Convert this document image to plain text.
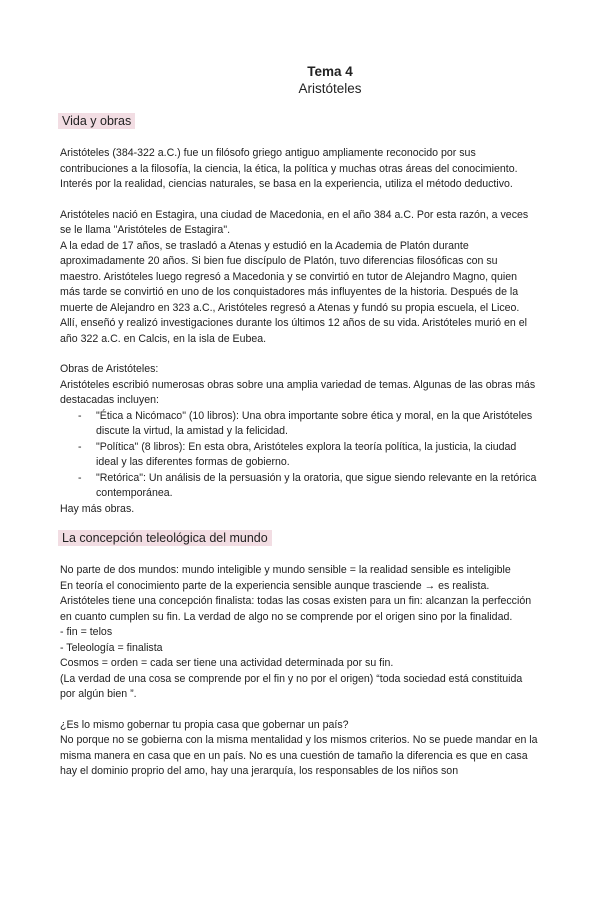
Tema 4
Aristóteles
Vida y obras

Aristóteles (384-322 a.C.) fue un filósofo griego antiguo ampliamente reconocido por sus contribuciones a la filosofía, la ciencia, la ética, la política y muchas otras áreas del conocimiento. Interés por la realidad, ciencias naturales, se basa en la experiencia, utiliza el método deductivo.

Aristóteles nació en Estagira, una ciudad de Macedonia, en el año 384 a.C. Por esta razón, a veces se le llama "Aristóteles de Estagira".

A la edad de 17 años, se trasladó a Atenas y estudió en la Academia de Platón durante aproximadamente 20 años. Si bien fue discípulo de Platón, tuvo diferencias filosóficas con su maestro. Aristóteles luego regresó a Macedonia y se convirtió en tutor de Alejandro Magno, quien más tarde se convirtió en uno de los conquistadores más influyentes de la historia. Después de la muerte de Alejandro en 323 a.C., Aristóteles regresó a Atenas y fundó su propia escuela, el Liceo. Allí, enseñó y realizó investigaciones durante los últimos 12 años de su vida. Aristóteles murió en el año 322 a.C. en Calcis, en la isla de Eubea.

Obras de Aristóteles:

Aristóteles escribió numerosas obras sobre una amplia variedad de temas. Algunas de las obras más destacadas incluyen:

- "Ética a Nicómaco" (10 libros): Una obra importante sobre ética y moral, en la que Aristóteles discute la virtud, la amistad y la felicidad.
- "Política" (8 libros): En esta obra, Aristóteles explora la teoría política, la justicia, la ciudad ideal y las diferentes formas de gobierno.
- "Retórica": Un análisis de la persuasión y la oratoria, que sigue siendo relevante en la retórica contemporánea.

Hay más obras.

La concepción teleológica del mundo

No parte de dos mundos: mundo inteligible y mundo sensible = la realidad sensible es inteligible

En teoría el conocimiento parte de la experiencia sensible aunque trasciende → es realista.

Aristóteles tiene una concepción finalista: todas las cosas existen para un fin: alcanzan la perfección en cuanto cumplen su fin. La verdad de algo no se comprende por el origen sino por la finalidad.

- fin = telos

- Teleología = finalista

Cosmos = orden = cada ser tiene una actividad determinada por su fin.

(La verdad de una cosa se comprende por el fin y no por el origen) “toda sociedad está constituida por algún bien ”.

¿Es lo mismo gobernar tu propia casa que gobernar un país?

No porque no se gobierna con la misma mentalidad y los mismos criterios. No se puede mandar en la misma manera en casa que en un país. No es una cuestión de tamaño la diferencia es que en casa hay el dominio proprio del amo, hay una jerarquía, los responsables de los niños son
